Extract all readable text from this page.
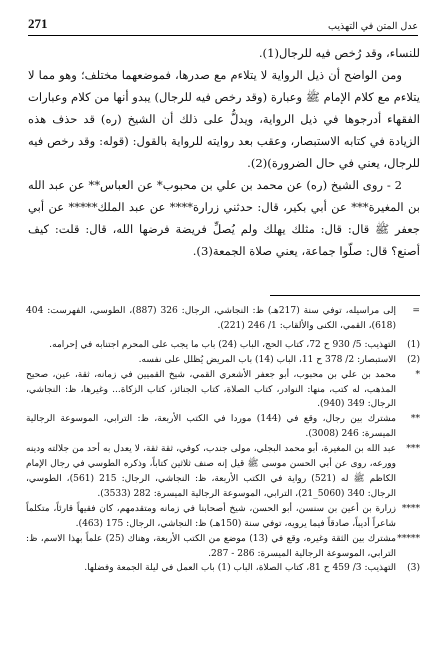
عدل المتن في التهذيب
271

للنساء، وقد رُخص فيه للرجال(1).

ومن الواضح أن ذيل الرواية لا يتلاءم مع صدرها، فموضعهما مختلف؛ وهو مما لا يتلاءم مع كلام الإمام ﷺ وعبارة (وقد رخص فيه للرجال) يبدو أنها من كلام وعبارات الفقهاء أدرجوها في ذيل الرواية، ويدلُّ على ذلك أن الشيخ (ره) قد حذف هذه الزيادة في كتابه الاستبصار، وعقب بعد روايته للرواية بالقول: (قوله: وقد رخص فيه للرجال، يعني في حال الضرورة)(2).

2 - روى الشيخ (ره) عن محمد بن علي بن محبوب* عن العباس** عن عبد الله بن المغيرة*** عن أبي بكير، قال: حدثني زرارة**** عن عبد الملك***** عن أبي جعفر ﷺ قال: قال: مثلك يهلك ولم يُصلِّ فريضة فرضها الله، قال: قلت: كيف أصنع؟ قال: صلّوا جماعة، يعني صلاة الجمعة(3).

=
إلى مراسيله، توفي سنة (217هـ) ظ: النجاشي، الرجال: 326 (887)، الطوسي، الفهرست: 404 (618)، القمي، الكنى والألقاب: 1/ 246 (221).
(1)
التهذيب: 5/ 930 ح 72، كتاب الحج، الباب (24) باب ما يجب على المحرم اجتنابه في إحرامه.
(2)
الاستبصار: 2/ 378 ح 11، الباب (14) باب المريض يُظلل على نفسه.
*
محمد بن علي بن محبوب، أبو جعفر الأشعري القمي، شيخ القميين في زمانه، ثقة، عين، صحيح المذهب، له كتب، منها: النوادر، كتاب الصلاة، كتاب الجنائز، كتاب الزكاة... وغيرها، ظ: النجاشي، الرجال: 349 (940).
**
مشترك بين رجال، وقع في (144) موردا في الكتب الأربعة، ظ: الترابي، الموسوعة الرجالية الميسرة: 246 (3008).
***
عبد الله بن المغيرة، أبو محمد البجلي، مولى جندب، كوفي، ثقة ثقة، لا يعدل به أحد من جلالته ودينه وورعه، روى عن أبي الحسن موسى ﷺ قيل إنه صنف ثلاثين كتاباً، وذكره الطوسي في رجال الإمام الكاظم ﷺ له (521) رواية في الكتب الأربعة، ظ: النجاشي، الرجال: 215 (561)، الطوسي، الرجال: 340 (5060_21)، الترابي، الموسوعة الرجالية الميسرة: 282 (3533).
****
زرارة بن أعين بن سنسن، أبو الحسن، شيخ أصحابنا في زمانه ومتقدمهم، كان فقيهاً قارئاً، متكلماً شاعراً أديباً، صادقاً فيما يرويه، توفي سنة (150هـ) ظ: النجاشي، الرجال: 175 (463).
*****
مشترك بين الثقة وغيره، وقع في (13) موضع من الكتب الأربعة، وهناك (25) علماً بهذا الاسم، ظ: الترابي، الموسوعة الرجالية الميسرة: 286 - 287.
(3)
التهذيب: 3/ 459 ح 81، كتاب الصلاة، الباب (1) باب العمل في ليلة الجمعة وفضلها.
